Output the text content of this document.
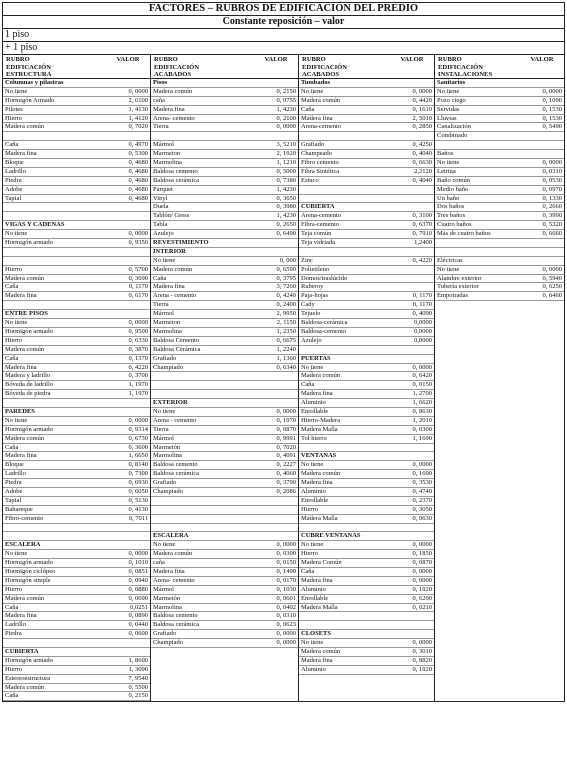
FACTORES – RUBROS DE EDIFICACIÓN DEL PREDIO
Constante reposición – valor
1 piso
+ 1 piso
RUBRO
EDIFICACIÓN
ESTRUCTURA
VALOR
Columnas y pilastras
No tiene	0, 0000
Hormigón Armado	2, 6100
Pilotes	1, 4130
Hierro	1, 4120
Madera común	0, 7020
Caña	0, 4970
Madera fina	0, 5300
Bloque	0, 4680
Ladrillo	0, 4680
Piedra	0, 4680
Adobe	0, 4680
Tapial	0, 4680
VIGAS Y CADENAS
No tiene	0, 0000
Hormigón armado	0, 9350
Hierro	0, 5700
Madera común	0, 3690
Caña	0, 1170
Madera fina	0, 6170
ENTRE PISOS
No tiene	0, 0000
Hormigón armado	0, 9500
Hierro	0, 6330
Madera común	0, 3870
Caña	0, 1370
Madera fina	0, 4220
Madera y ladrillo	0, 3700
Bóveda de ladrillo	1, 1970
Bóveda de piedra	1, 1970
PAREDES
No tiene	0, 0000
Hormigón armado	0, 9314
Madera común	0, 6730
Caña	0, 3600
Madera fina	1, 6650
Bloque	0, 8140
Ladrillo	0, 7300
Piedra	0, 6930
Adobe	0, 6050
Tapial	0, 5130
Bahareque	0, 4130
Fibro-cemento	0, 7011
ESCALERA
No tiene	0, 0000
Hormigón armado	0, 1010
Hormigón ciclópeo	0, 0851
Hormigón simple	0, 0940
Hierro	0, 0880
Madera común	0, 0690
Caña	0,0251
Madera fina	0, 0890
Ladrillo	0, 0440
Piedra	0, 0600
CUBIERTA
Hormigón armado	1, 8600
Hierro	1, 3090
Estereoestructura	7, 9540
Madera común	0, 5500
Caña	0, 2150
RUBRO
EDIFICACIÓN
ACABADOS
VALOR
Pisos
Madera común	0, 2150
caña	0, 0755
Madera fina	1, 4230
Arena- cemento	0, 2100
Tierra	0, 0000
Mármol	3, 5210
Marmeton	2, 1920
Marmolina	1, 1210
Baldosa cemento	0, 5000
Baldosa cerámica	0, 7380
Parquet	1, 4230
Vinyl	0, 3650
Duela	0, 3980
Tablón/ Gress	1, 4230
Tabla	0, 2650
Azulejo	0, 6490
REVESTIMIENTO
INTERIOR
No tiene	0, 000
Madera común	0, 6590
Caña	0, 3795
Madera fina	3, 7260
Arena - cemento	0, 4240
Tierra	0, 2400
Mármol	2, 9950
Marmeton	2, 1150
Marmolina	1, 2350
Baldosa Cemento	0, 6675
Baldosa Cerámica	1, 2240
Grafiado	1, 1360
Champiado	0, 6340
EXTERIOR
No tiene	0, 0000
Arena - cemento	0, 1970
Tierra	0, 0870
Mármol	0, 9991
Marmetón	0, 7020
Marmolina	0, 4091
Baldosa cemento	0, 2227
Baldosa cerámica	0, 4060
Grafiado	0, 3790
Champiado	0, 2086
ESCALERA
No tiene	0, 0000
Madera común	0, 0300
caña	0, 0150
Madera fina	0, 1490
Arena- cemento	0, 0170
Mármol	0, 1030
Marmetón	0, 0601
Marmolina	0, 0402
Baldosa cemento	0, 0310
Baldosa cerámica	0, 0623
Grafiado	0, 0000
Champiado	0, 0000
RUBRO
EDIFICACIÓN
ACABADOS
VALOR
Tumbados
No tiene	0, 0000
Madera común	0, 4420
Caña	0, 1610
Madera fina	2, 5010
Arena-cemento	0, 2850
Grafiado	0, 4250
Champeado	0, 4040
Fibro cemento	0, 6630
Fibra Sintética	2,2120
Estuco	0, 4040
CUBIERTA
Arena-cemento	0, 3100
Fibra-cemento	0, 6370
Teja común	0, 7910
Teja vidriada	1,2400
Zinc	0, 4220
Polietileno
Domos/traslúcido
Ruberoy
Paja-hojas	0, 1170
Cady	0, 1170
Tejuelo	0, 4090
Baldosa-cerámica	0,0000
Baldosa-cemento	0,0000
Azulejo	0,0000
PUERTAS
No tiene	0, 0000
Madera común	0, 6420
Caña	0, 0150
Madera fina	1, 2700
Aluminio	1, 6620
Enrollable	0, 8630
Hierro-Madera	1, 2010
Madera Malla	0, 0300
Tol hierro	1, 1690
VENTANAS
No tiene	0, 0000
Madera común	0, 1690
Madera fina	0, 3530
Aluminio	0, 4740
Enrollable	0, 2370
Hierro	0, 3050
Madera Malla	0, 0630
CUBRE VENTANAS
No tiene	0, 0000
Hierro	0, 1850
Madera Común	0, 0870
Caña	0, 0000
Madera fina	0, 0000
Aluminio	0, 1920
Enrollable	0, 6290
Madera Malla	0, 0210
CLOSETS
No tiene	0, 0000
Madera común	0, 3010
Madera fina	0, 8820
Aluminio	0, 1920
RUBRO
EDIFICACIÓN
INSTALACIONES
VALOR
Sanitarios
No tiene	0, 0000
Pozo ciego	0, 1090
Servidas	0, 1530
Lluvias	0, 1530
Canalización	0, 5490
Combinado
Baños
No tiene	0, 0000
Letrina	0, 0310
Baño común	0, 0530
Medio baño	0, 0970
Un baño	0, 1330
Dos baños	0, 2660
Tres baños	0, 3990
Cuatro baños	0, 5320
Más de cuatro baños	0, 6660
Eléctricas
No tiene	0, 0000
Alambre exterior	0, 5940
Tubería exterior	0, 6250
Empotradas	0, 6460
